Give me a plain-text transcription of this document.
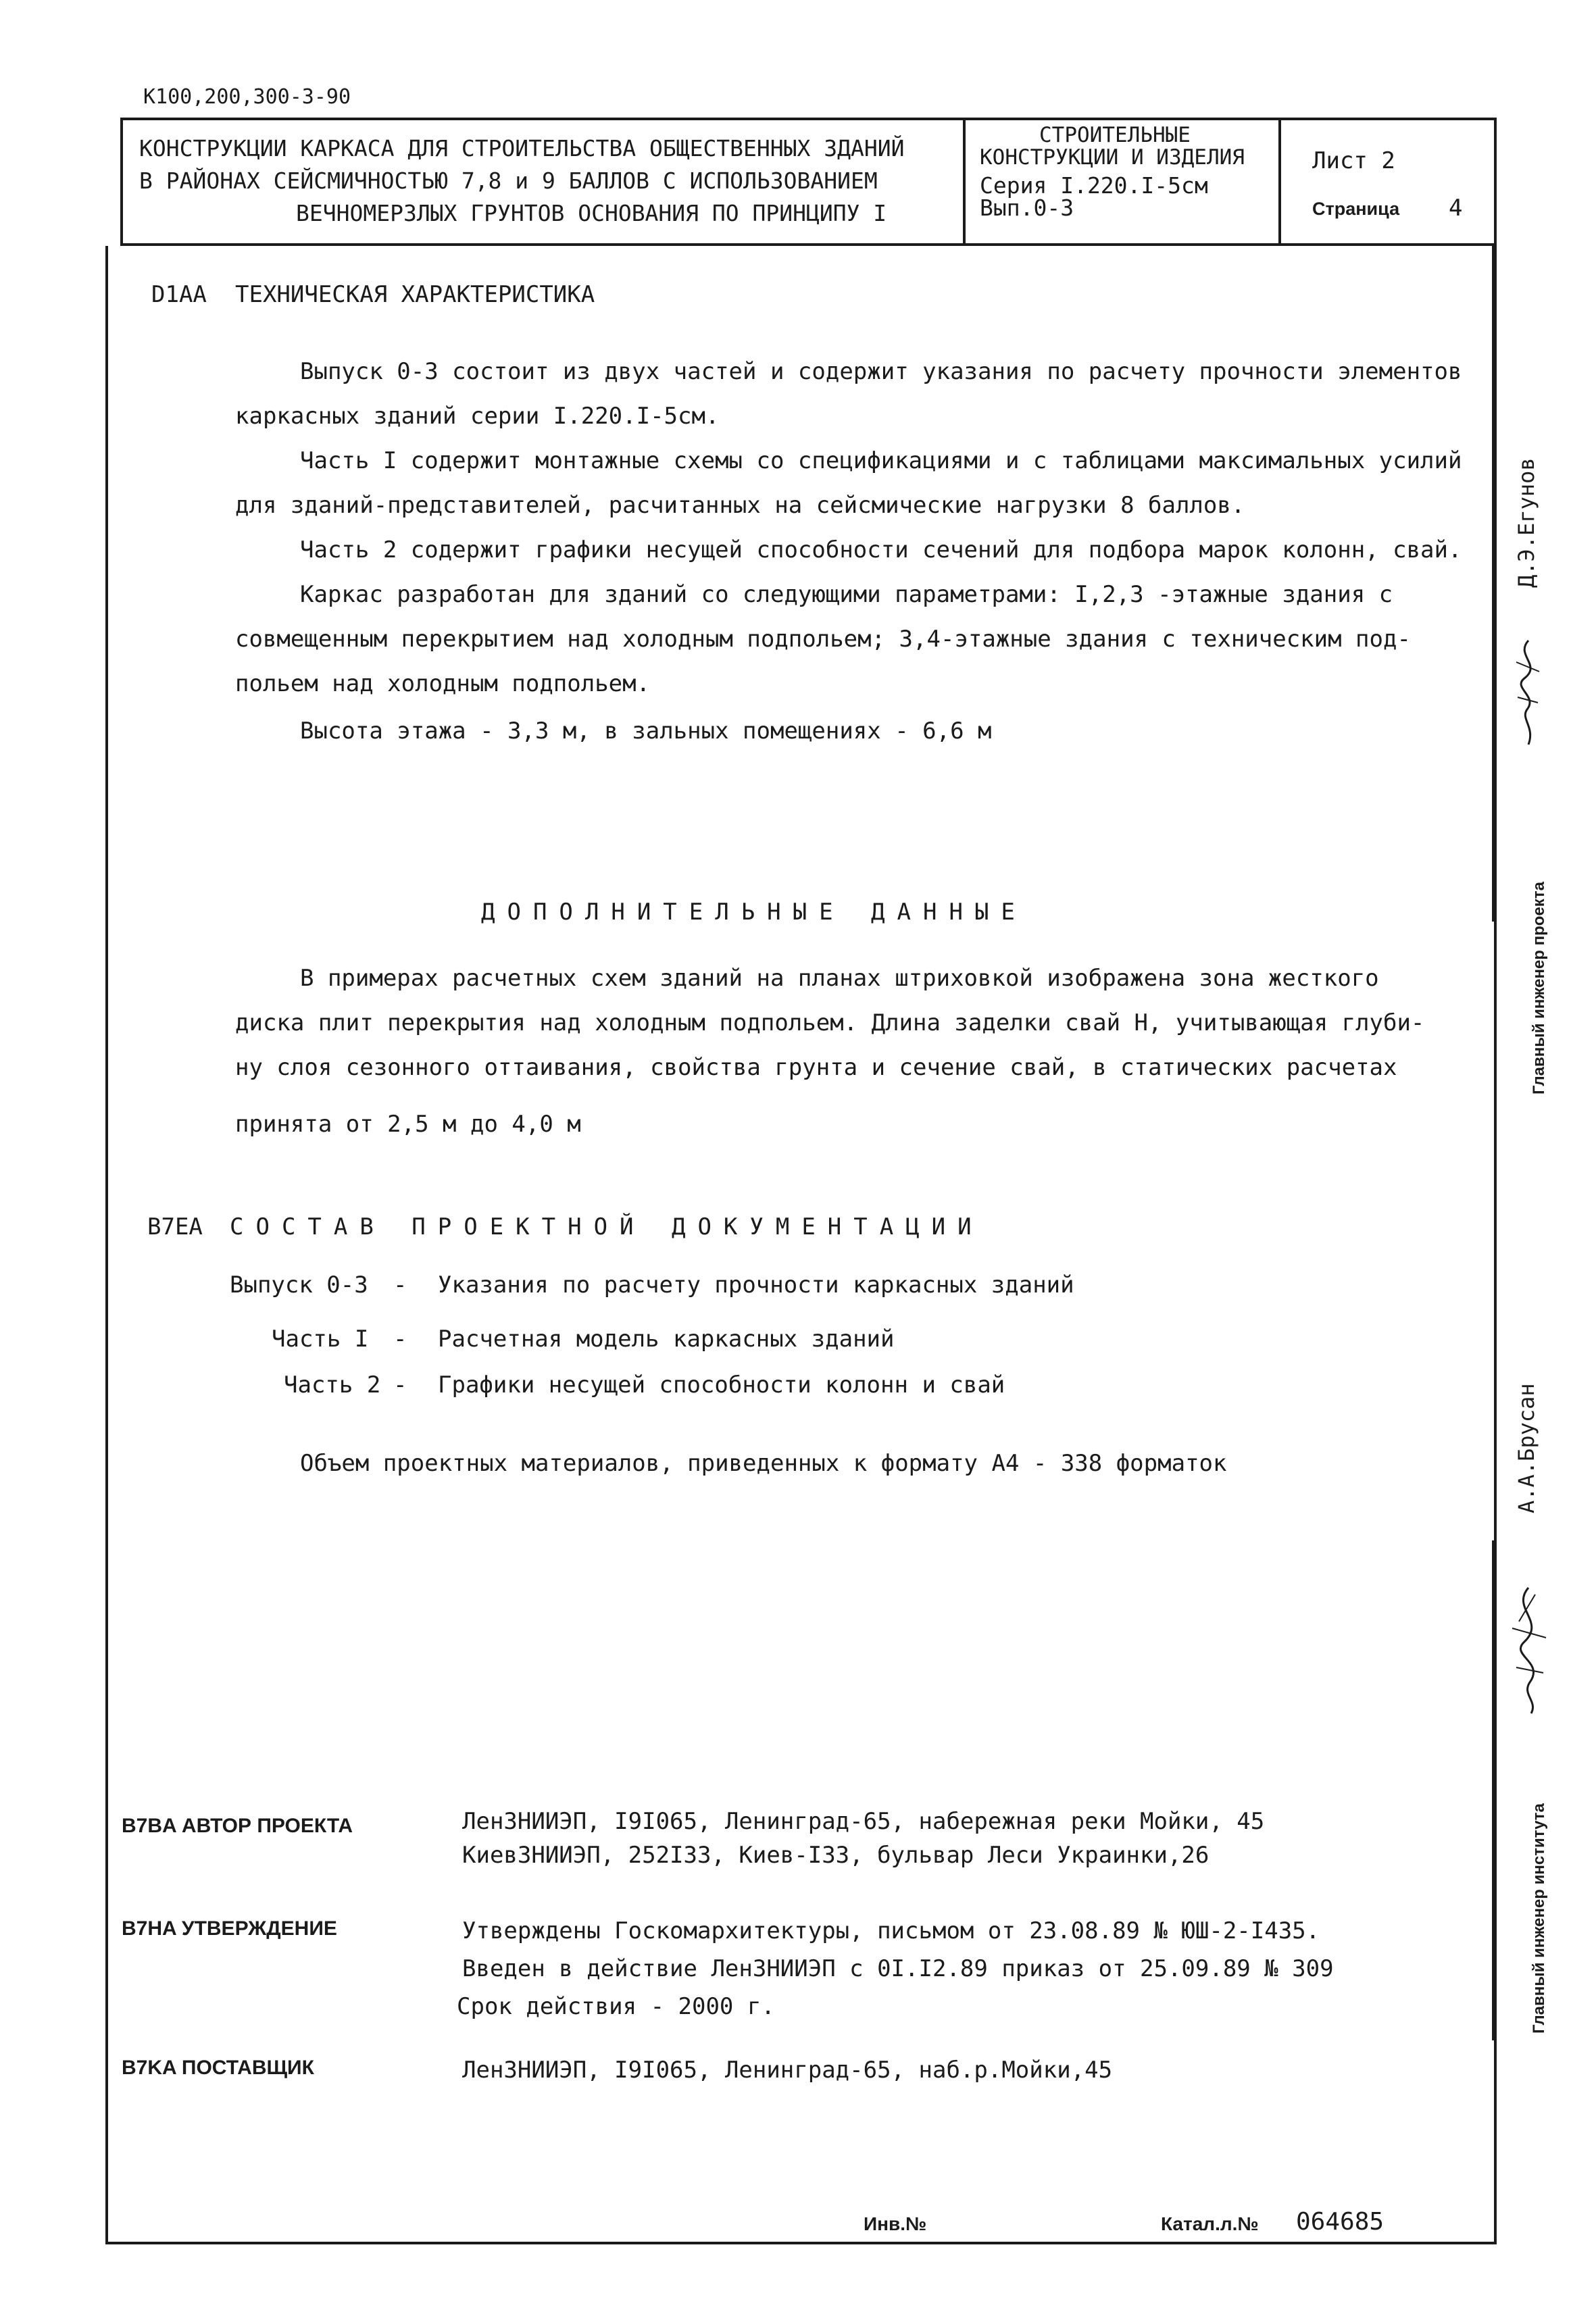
К100,200,300-3-90
КОНСТРУКЦИИ КАРКАСА ДЛЯ СТРОИТЕЛЬСТВА ОБЩЕСТВЕННЫХ ЗДАНИЙ
В РАЙОНАХ СЕЙСМИЧНОСТЬЮ 7,8 и 9 БАЛЛОВ С ИСПОЛЬЗОВАНИЕМ
ВЕЧНОМЕРЗЛЫХ ГРУНТОВ ОСНОВАНИЯ ПО ПРИНЦИПУ I
СТРОИТЕЛЬНЫЕ
КОНСТРУКЦИИ И ИЗДЕЛИЯ
Серия I.220.I-5см
Вып.0-3
Лист 2
Страница 4
D1AA ТЕХНИЧЕСКАЯ ХАРАКТЕРИСТИКА
Выпуск 0-3 состоит из двух частей и содержит указания по расчету прочности элементов
каркасных зданий серии I.220.I-5см.
Часть I содержит монтажные схемы со спецификациями и с таблицами максимальных усилий
для зданий-представителей, расчитанных на сейсмические нагрузки 8 баллов.
Часть 2 содержит графики несущей способности сечений для подбора марок колонн, свай.
Каркас разработан для зданий со следующими параметрами: I,2,3 -этажные здания с
совмещенным перекрытием над холодным подпольем; 3,4-этажные здания с техническим под-
польем над холодным подпольем.
Высота этажа - 3,3 м, в зальных помещениях - 6,6 м
ДОПОЛНИТЕЛЬНЫЕ ДАННЫЕ
В примерах расчетных схем зданий на планах штриховкой изображена зона жесткого
диска плит перекрытия над холодным подпольем. Длина заделки свай Н, учитывающая глуби-
ну слоя сезонного оттаивания, свойства грунта и сечение свай, в статических расчетах
принята от 2,5 м до 4,0 м
B7EA СОСТАВ ПРОЕКТНОЙ ДОКУМЕНТАЦИИ
Выпуск 0-3 - Указания по расчету прочности каркасных зданий
Часть I - Расчетная модель каркасных зданий
Часть 2 - Графики несущей способности колонн и свай
Объем проектных материалов, приведенных к формату А4 - 338 форматок
B7BA АВТОР ПРОЕКТА	ЛенЗНИИЭП, I9I065, Ленинград-65, набережная реки Мойки, 45
КиевЗНИИЭП, 252I33, Киев-I33, бульвар Леси Украинки,26
B7HA УТВЕРЖДЕНИЕ	Утверждены Госкомархитектуры, письмом от 23.08.89 № ЮШ-2-I435.
Введен в действие ЛенЗНИИЭП с 0I.I2.89 приказ от 25.09.89 № 309
Срок действия - 2000 г.
B7KA ПОСТАВЩИК	ЛенЗНИИЭП, I9I065, Ленинград-65, наб.р.Мойки,45
Инв.№	Катал.л.№ 064685
Д.Э.Егунов
Главный инженер проекта
А.А.Брусан
Главный инженер института
